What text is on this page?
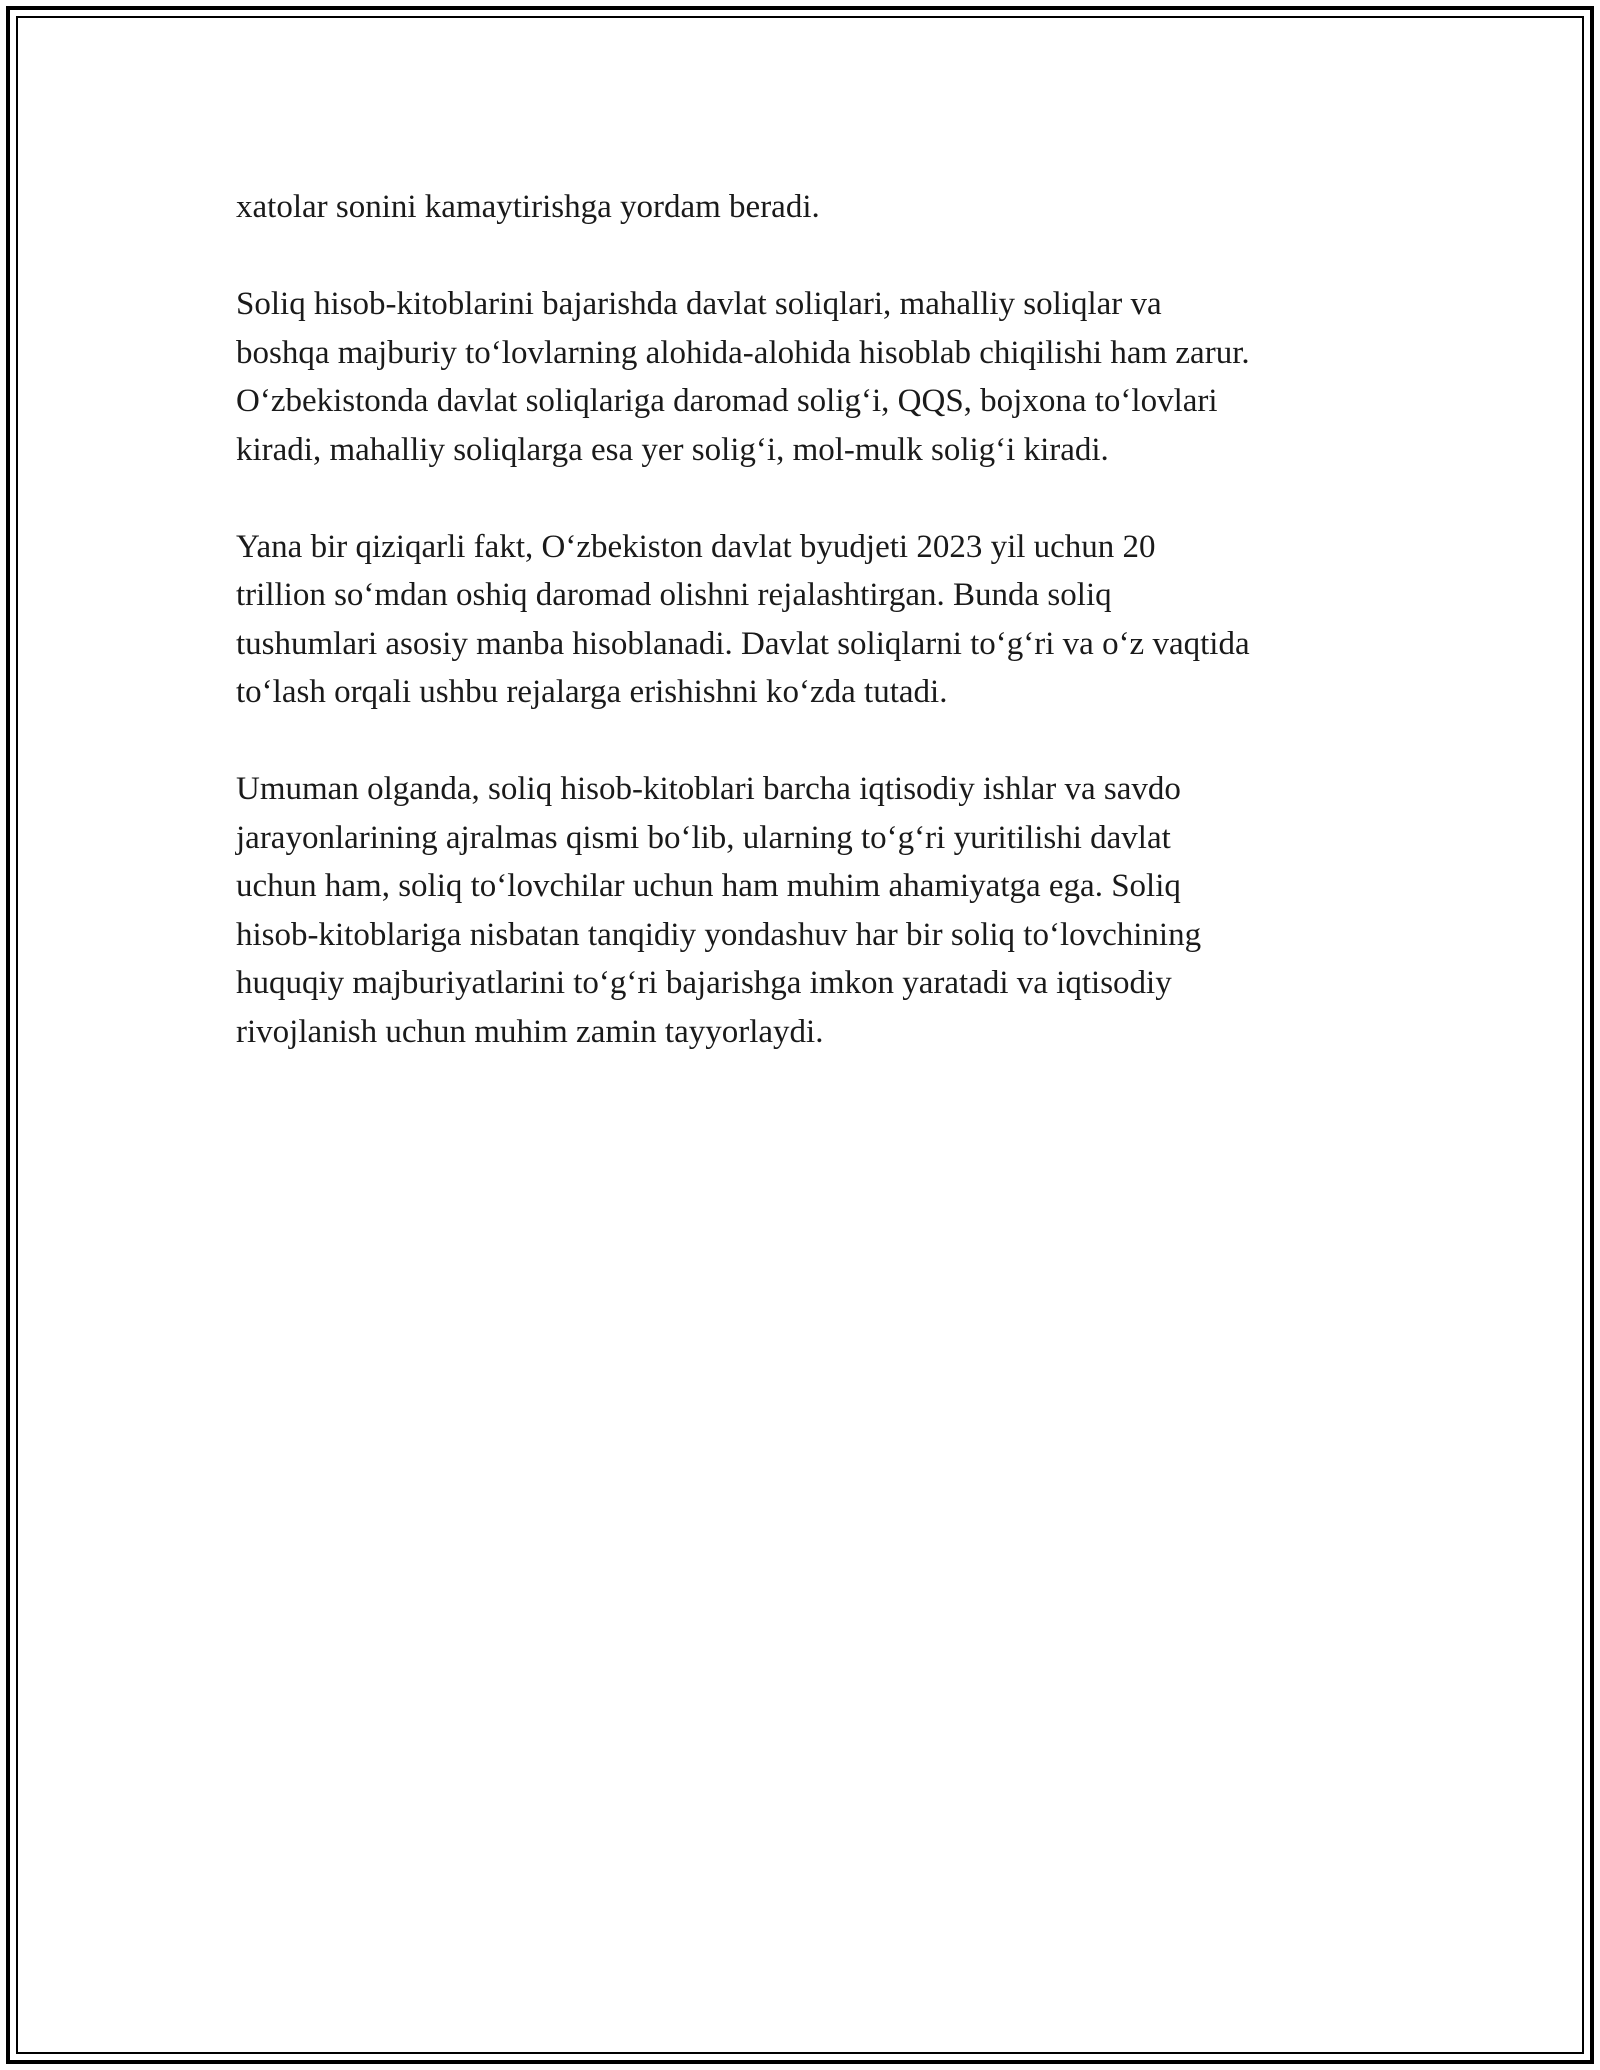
xatolar sonini kamaytirishga yordam beradi.

Soliq hisob-kitoblarini bajarishda davlat soliqlari, mahalliy soliqlar va
boshqa majburiy to‘lovlarning alohida-alohida hisoblab chiqilishi ham zarur.
O‘zbekistonda davlat soliqlariga daromad solig‘i, QQS, bojxona to‘lovlari
kiradi, mahalliy soliqlarga esa yer solig‘i, mol-mulk solig‘i kiradi.

Yana bir qiziqarli fakt, O‘zbekiston davlat byudjeti 2023 yil uchun 20
trillion so‘mdan oshiq daromad olishni rejalashtirgan. Bunda soliq
tushumlari asosiy manba hisoblanadi. Davlat soliqlarni to‘g‘ri va o‘z vaqtida
to‘lash orqali ushbu rejalarga erishishni ko‘zda tutadi.

Umuman olganda, soliq hisob-kitoblari barcha iqtisodiy ishlar va savdo
jarayonlarining ajralmas qismi bo‘lib, ularning to‘g‘ri yuritilishi davlat
uchun ham, soliq to‘lovchilar uchun ham muhim ahamiyatga ega. Soliq
hisob-kitoblariga nisbatan tanqidiy yondashuv har bir soliq to‘lovchining
huquqiy majburiyatlarini to‘g‘ri bajarishga imkon yaratadi va iqtisodiy
rivojlanish uchun muhim zamin tayyorlaydi.
